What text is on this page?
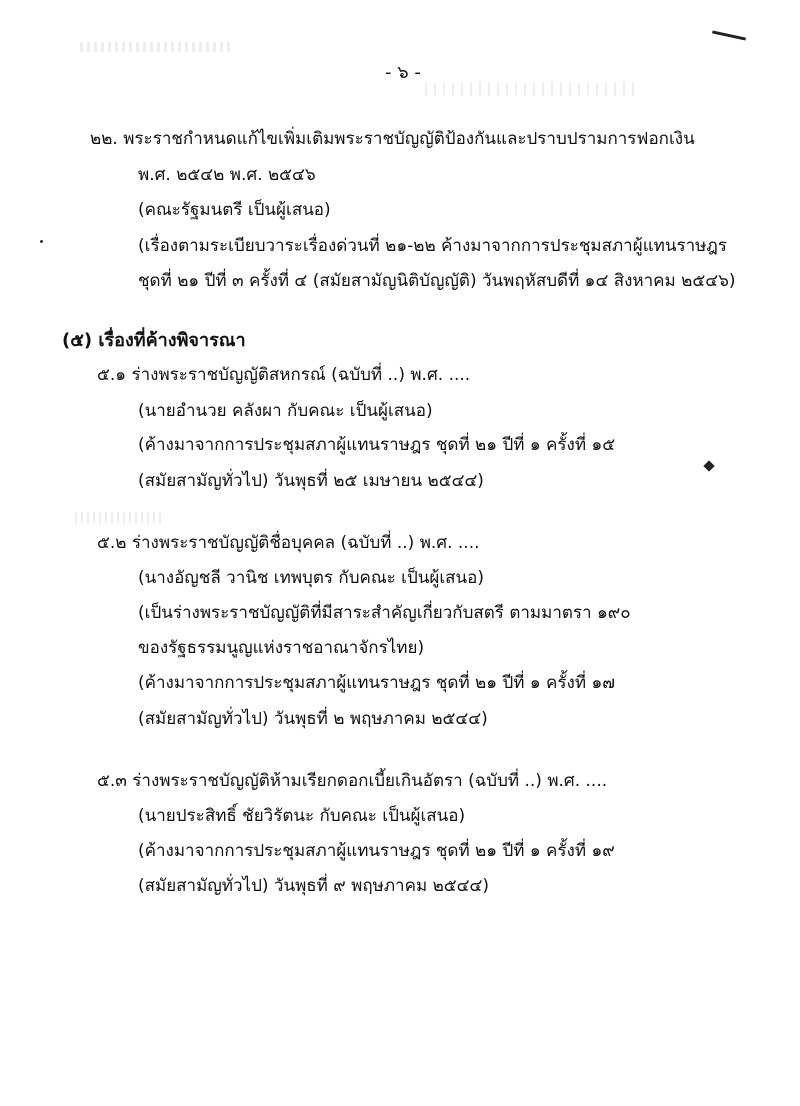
- ๖ -
๒๒. พระราชกำหนดแก้ไขเพิ่มเติมพระราชบัญญัติป้องกันและปราบปรามการฟอกเงิน
พ.ศ. ๒๕๔๒ พ.ศ. ๒๕๔๖
(คณะรัฐมนตรี เป็นผู้เสนอ)
(เรื่องตามระเบียบวาระเรื่องด่วนที่ ๒๑-๒๒ ค้างมาจากการประชุมสภาผู้แทนราษฎร
ชุดที่ ๒๑ ปีที่ ๓ ครั้งที่ ๔ (สมัยสามัญนิติบัญญัติ) วันพฤหัสบดีที่ ๑๔ สิงหาคม ๒๕๔๖)
(๕) เรื่องที่ค้างพิจารณา
๕.๑ ร่างพระราชบัญญัติสหกรณ์ (ฉบับที่ ..) พ.ศ. ....
(นายอำนวย คลังผา กับคณะ เป็นผู้เสนอ)
(ค้างมาจากการประชุมสภาผู้แทนราษฎร ชุดที่ ๒๑ ปีที่ ๑ ครั้งที่ ๑๕
(สมัยสามัญทั่วไป) วันพุธที่ ๒๕ เมษายน ๒๕๔๔)
๕.๒ ร่างพระราชบัญญัติชื่อบุคคล (ฉบับที่ ..) พ.ศ. ....
(นางอัญชลี วานิช เทพบุตร กับคณะ เป็นผู้เสนอ)
(เป็นร่างพระราชบัญญัติที่มีสาระสำคัญเกี่ยวกับสตรี ตามมาตรา ๑๙๐
ของรัฐธรรมนูญแห่งราชอาณาจักรไทย)
(ค้างมาจากการประชุมสภาผู้แทนราษฎร ชุดที่ ๒๑ ปีที่ ๑ ครั้งที่ ๑๗
(สมัยสามัญทั่วไป) วันพุธที่ ๒ พฤษภาคม ๒๕๔๔)
๕.๓ ร่างพระราชบัญญัติห้ามเรียกดอกเบี้ยเกินอัตรา (ฉบับที่ ..) พ.ศ. ....
(นายประสิทธิ์ ชัยวิรัตนะ กับคณะ เป็นผู้เสนอ)
(ค้างมาจากการประชุมสภาผู้แทนราษฎร ชุดที่ ๒๑ ปีที่ ๑ ครั้งที่ ๑๙
(สมัยสามัญทั่วไป) วันพุธที่ ๙ พฤษภาคม ๒๕๔๔)
